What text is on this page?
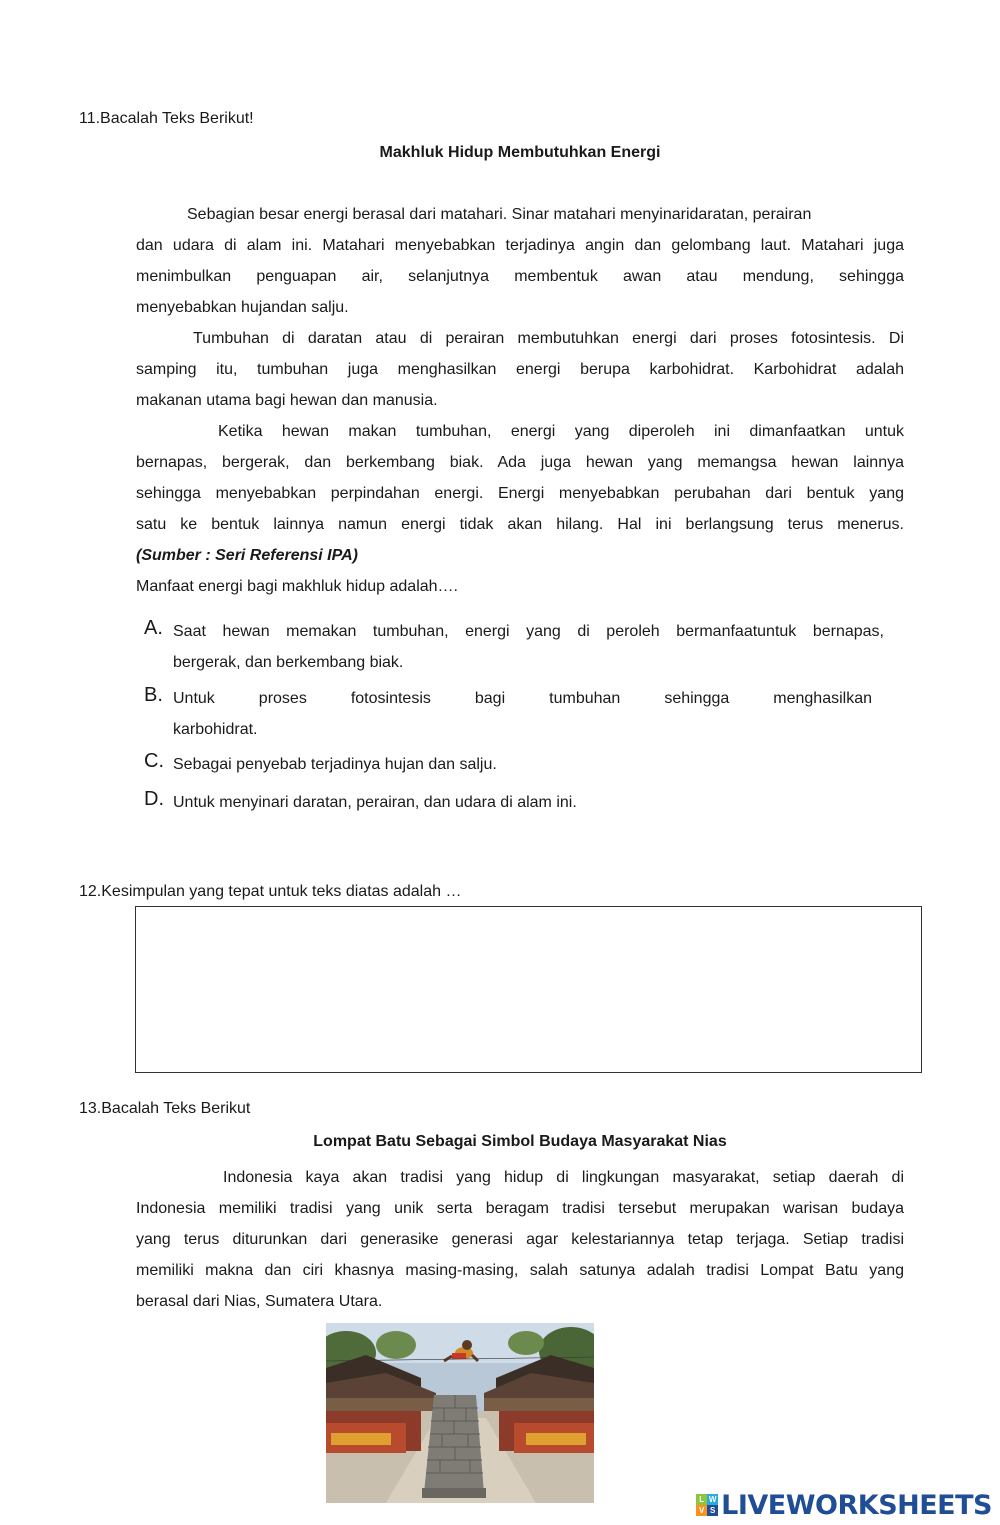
11.Bacalah Teks Berikut!
Makhluk Hidup Membutuhkan Energi
Sebagian besar energi berasal dari matahari. Sinar matahari menyinaridaratan, perairan
dan udara di alam ini. Matahari menyebabkan terjadinya angin dan gelombang laut. Matahari juga
menimbulkan penguapan air, selanjutnya membentuk awan atau mendung, sehingga
menyebabkan hujandan salju.
Tumbuhan di daratan atau di perairan membutuhkan energi dari proses fotosintesis. Di
samping itu, tumbuhan juga menghasilkan energi berupa karbohidrat. Karbohidrat adalah
makanan utama bagi hewan dan manusia.
Ketika hewan makan tumbuhan, energi yang diperoleh ini dimanfaatkan untuk
bernapas, bergerak, dan berkembang biak. Ada juga hewan yang memangsa hewan lainnya
sehingga menyebabkan perpindahan energi. Energi menyebabkan perubahan dari bentuk yang
satu ke bentuk lainnya namun energi tidak akan hilang. Hal ini berlangsung terus menerus.
(Sumber : Seri Referensi IPA)
Manfaat energi bagi makhluk hidup adalah….
A. Saat hewan memakan tumbuhan, energi yang di peroleh bermanfaatuntuk bernapas,
bergerak, dan berkembang biak.
B. Untuk proses fotosintesis bagi tumbuhan sehingga menghasilkan
karbohidrat.
C. Sebagai penyebab terjadinya hujan dan salju.
D. Untuk menyinari daratan, perairan, dan udara di alam ini.
12.Kesimpulan yang tepat untuk teks diatas adalah …
13.Bacalah Teks Berikut
Lompat Batu Sebagai Simbol Budaya Masyarakat Nias
Indonesia kaya akan tradisi yang hidup di lingkungan masyarakat, setiap daerah di
Indonesia memiliki tradisi yang unik serta beragam tradisi tersebut merupakan warisan budaya
yang terus diturunkan dari generasike generasi agar kelestariannya tetap terjaga. Setiap tradisi
memiliki makna dan ciri khasnya masing-masing, salah satunya adalah tradisi Lompat Batu yang
berasal dari Nias, Sumatera Utara.
L W
V S LIVEWORKSHEETS
